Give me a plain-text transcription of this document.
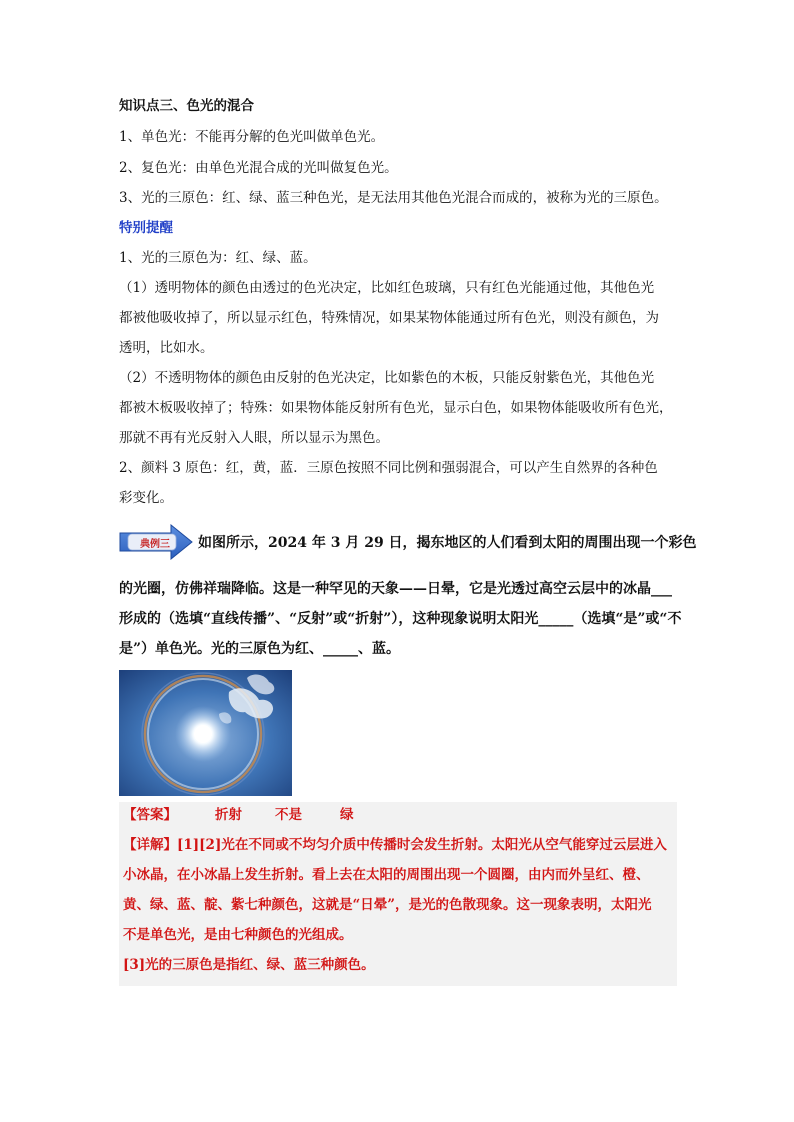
知识点三、色光的混合
1、单色光：不能再分解的色光叫做单色光。
2、复色光：由单色光混合成的光叫做复色光。
3、光的三原色：红、绿、蓝三种色光，是无法用其他色光混合而成的，被称为光的三原色。
特别提醒
1、光的三原色为：红、绿、蓝。
（1）透明物体的颜色由透过的色光决定，比如红色玻璃，只有红色光能通过他，其他色光
都被他吸收掉了，所以显示红色，特殊情况，如果某物体能通过所有色光，则没有颜色，为
透明，比如水。
（2）不透明物体的颜色由反射的色光决定，比如紫色的木板，只能反射紫色光，其他色光
都被木板吸收掉了；特殊：如果物体能反射所有色光，显示白色，如果物体能吸收所有色光，
那就不再有光反射入人眼，所以显示为黑色。
2、颜料 3 原色：红，黄，蓝．三原色按照不同比例和强弱混合，可以产生自然界的各种色
彩变化。
典例三	如图所示，2024 年 3 月 29 日，揭东地区的人们看到太阳的周围出现一个彩色
的光圈，仿佛祥瑞降临。这是一种罕见的天象——日晕，它是光透过高空云层中的冰晶___
形成的（选填“直线传播”、“反射”或“折射”），这种现象说明太阳光_____（选填“是”或“不
是”）单色光。光的三原色为红、_____、蓝。
【答案】	折射 不是	绿
【详解】[1][2]光在不同或不均匀介质中传播时会发生折射。太阳光从空气能穿过云层进入
小冰晶，在小冰晶上发生折射。看上去在太阳的周围出现一个圆圈，由内而外呈红、橙、
黄、绿、蓝、靛、紫七种颜色，这就是“日晕”，是光的色散现象。这一现象表明，太阳光
不是单色光，是由七种颜色的光组成。
[3]光的三原色是指红、绿、蓝三种颜色。
